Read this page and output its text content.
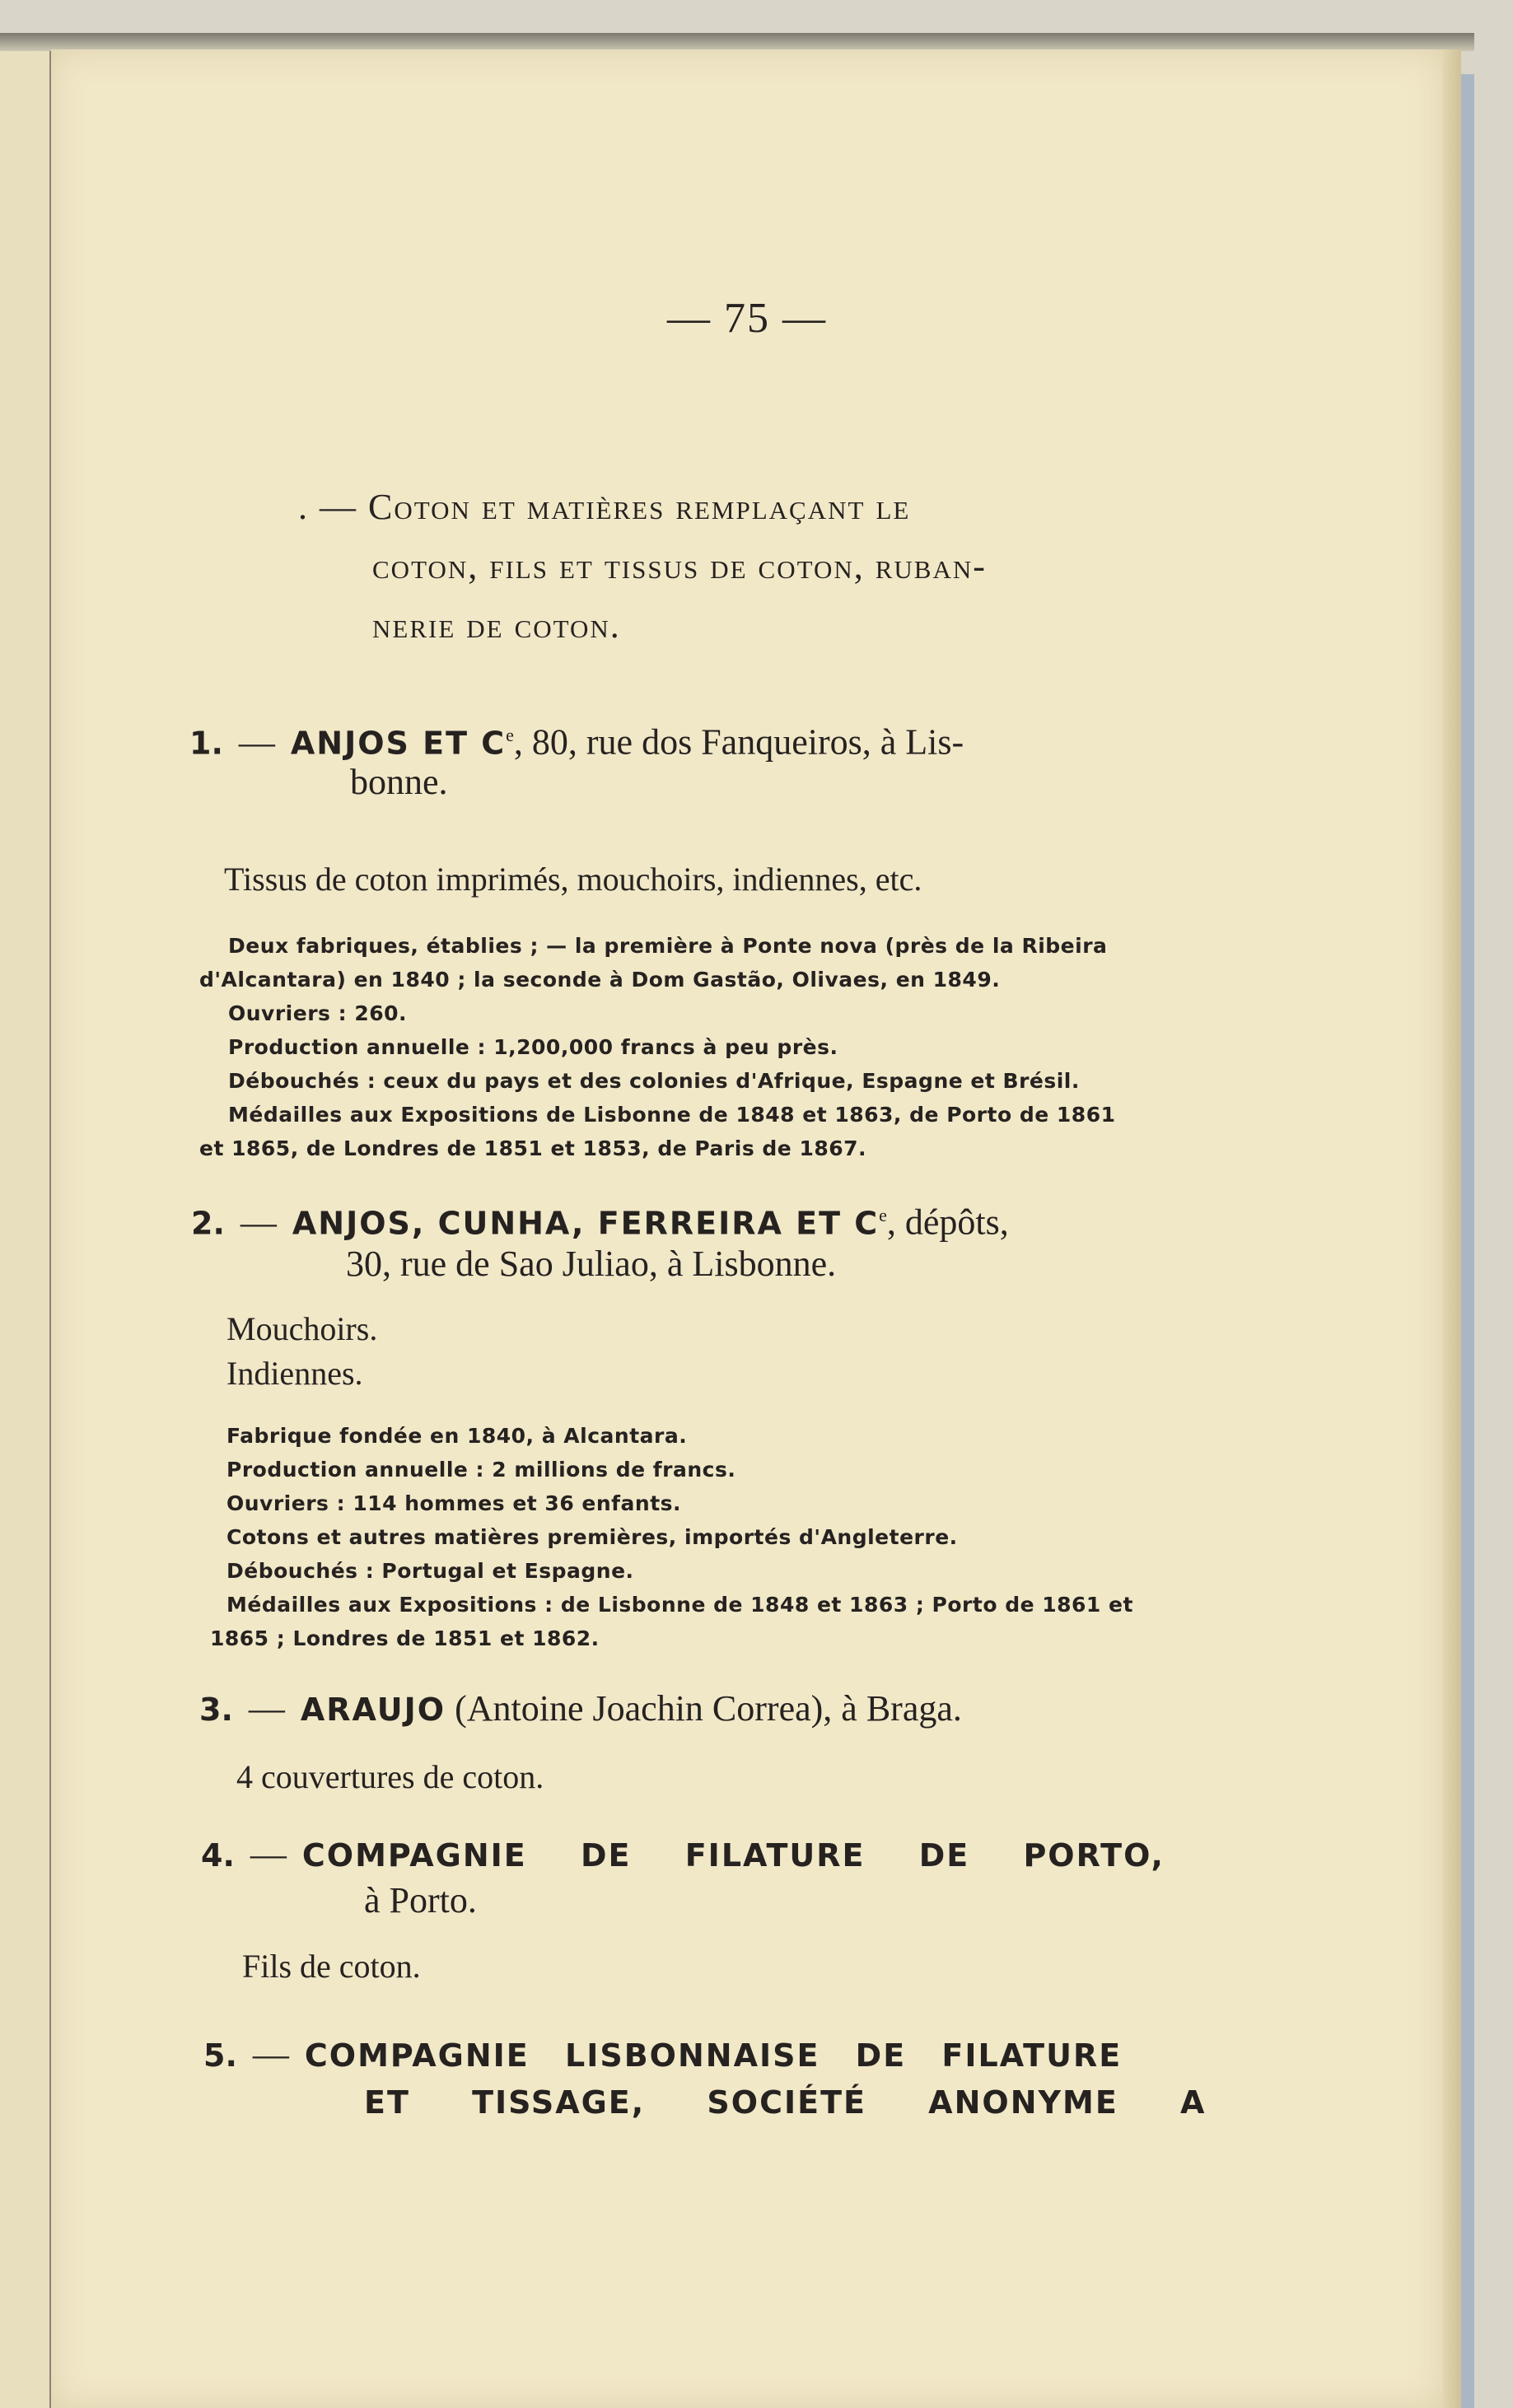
— 75 —
. — Coton et matières remplaçant le
coton, fils et tissus de coton, ruban-
nerie de coton.
1. — ANJOS ET Ce, 80, rue dos Fanqueiros, à Lis-
bonne.
Tissus de coton imprimés, mouchoirs, indiennes, etc.
Deux fabriques, établies ; — la première à Ponte nova (près de la Ribeira
d'Alcantara) en 1840 ; la seconde à Dom Gastão, Olivaes, en 1849.
Ouvriers : 260.
Production annuelle : 1,200,000 francs à peu près.
Débouchés : ceux du pays et des colonies d'Afrique, Espagne et Brésil.
Médailles aux Expositions de Lisbonne de 1848 et 1863, de Porto de 1861
et 1865, de Londres de 1851 et 1853, de Paris de 1867.
2. — ANJOS, CUNHA, FERREIRA ET Ce, dépôts,
30, rue de Sao Juliao, à Lisbonne.
Mouchoirs.
Indiennes.
Fabrique fondée en 1840, à Alcantara.
Production annuelle : 2 millions de francs.
Ouvriers : 114 hommes et 36 enfants.
Cotons et autres matières premières, importés d'Angleterre.
Débouchés : Portugal et Espagne.
Médailles aux Expositions : de Lisbonne de 1848 et 1863 ; Porto de 1861 et
1865 ; Londres de 1851 et 1862.
3. — ARAUJO (Antoine Joachin Correa), à Braga.
4 couvertures de coton.
4. — COMPAGNIE DE FILATURE DE PORTO,
à Porto.
Fils de coton.
5. — COMPAGNIE LISBONNAISE DE FILATURE
ET TISSAGE, SOCIÉTÉ ANONYME A
